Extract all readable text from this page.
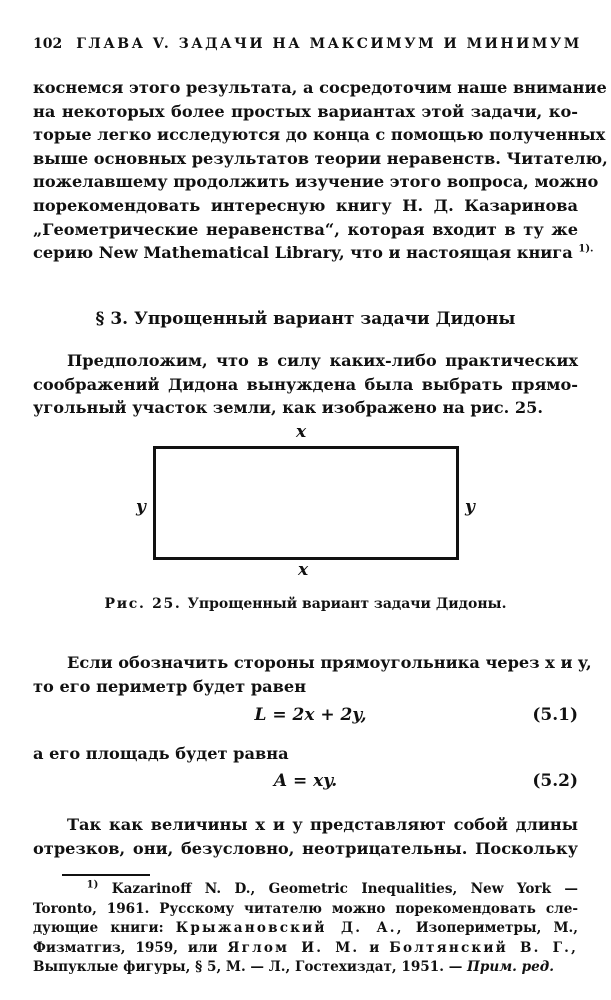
102 ГЛАВА V. ЗАДАЧИ НА МАКСИМУМ И МИНИМУМ
коснемся этого результата, а сосредоточим наше внимание
на некоторых более простых вариантах этой задачи, ко-
торые легко исследуются до конца с помощью полученных
выше основных результатов теории неравенств. Читателю,
пожелавшему продолжить изучение этого вопроса, можно
порекомендовать интересную книгу Н. Д. Казаринова
„Геометрические неравенства“, которая входит в ту же
серию New Mathematical Library, что и настоящая книга $^{1).}$
§ 3. Упрощенный вариант задачи Дидоны
Предположим, что в силу каких-либо практических
соображений Дидона вынуждена была выбрать прямо-
угольный участок земли, как изображено на рис. 25.
x
x
y	y
Рис. 25. Упрощенный вариант задачи Дидоны.
Если обозначить стороны прямоугольника через x и y,
то его периметр будет равен
L = 2x + 2y,	(5.1)
а его площадь будет равна
A = xy.	(5.2)
Так как величины x и y представляют собой длины
отрезков, они, безусловно, неотрицательны. Поскольку
$^{1)}$ Kazarinoff N. D., Geometric Inequalities, New York —
Toronto, 1961. Русскому читателю можно порекомендовать сле-
дующие книги: Крыжановский Д. А., Изопериметры, М.,
Физматгиз, 1959, или Яглом И. М. и Болтянский В. Г.,
Выпуклые фигуры, § 5, М. — Л., Гостехиздат, 1951. — Прим. ред.
